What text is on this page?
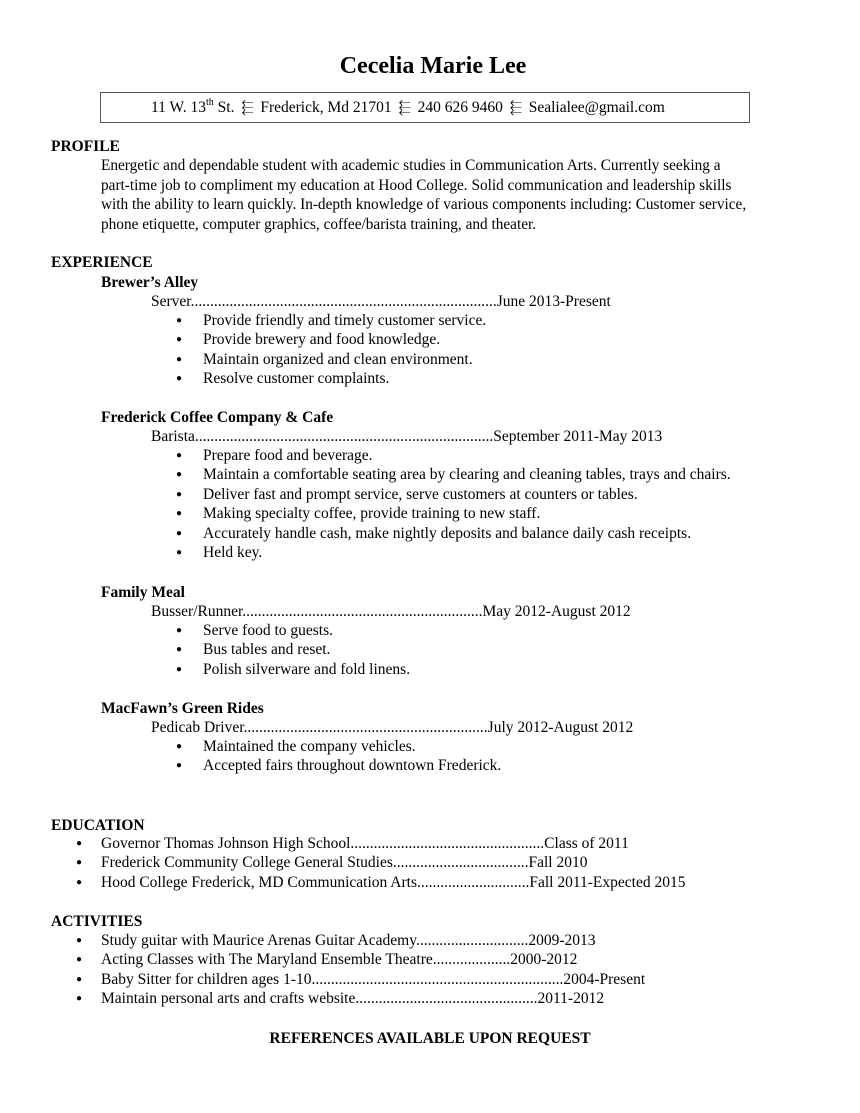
Cecelia Marie Lee
11 W. 13th St. ⬱ Frederick, Md 21701 ⬱ 240 626 9460 ⬱ Sealialee@gmail.com
PROFILE
Energetic and dependable student with academic studies in Communication Arts. Currently seeking a
part-time job to compliment my education at Hood College. Solid communication and leadership skills
with the ability to learn quickly. In-depth knowledge of various components including: Customer service,
phone etiquette, computer graphics, coffee/barista training, and theater.
EXPERIENCE
Brewer’s Alley
Server...............................................................................June 2013-Present
● Provide friendly and timely customer service.
● Provide brewery and food knowledge.
● Maintain organized and clean environment.
● Resolve customer complaints.
Frederick Coffee Company & Cafe
Barista.............................................................................September 2011-May 2013
● Prepare food and beverage.
● Maintain a comfortable seating area by clearing and cleaning tables, trays and chairs.
● Deliver fast and prompt service, serve customers at counters or tables.
● Making specialty coffee, provide training to new staff.
● Accurately handle cash, make nightly deposits and balance daily cash receipts.
● Held key.
Family Meal
Busser/Runner..............................................................May 2012-August 2012
● Serve food to guests.
● Bus tables and reset.
● Polish silverware and fold linens.
MacFawn’s Green Rides
Pedicab Driver...............................................................July 2012-August 2012
● Maintained the company vehicles.
● Accepted fairs throughout downtown Frederick.
EDUCATION
● Governor Thomas Johnson High School..................................................Class of 2011
● Frederick Community College General Studies...................................Fall 2010
● Hood College Frederick, MD Communication Arts.............................Fall 2011-Expected 2015
ACTIVITIES
● Study guitar with Maurice Arenas Guitar Academy.............................2009-2013
● Acting Classes with The Maryland Ensemble Theatre....................2000-2012
● Baby Sitter for children ages 1-10.................................................................2004-Present
● Maintain personal arts and crafts website...............................................2011-2012
REFERENCES AVAILABLE UPON REQUEST
